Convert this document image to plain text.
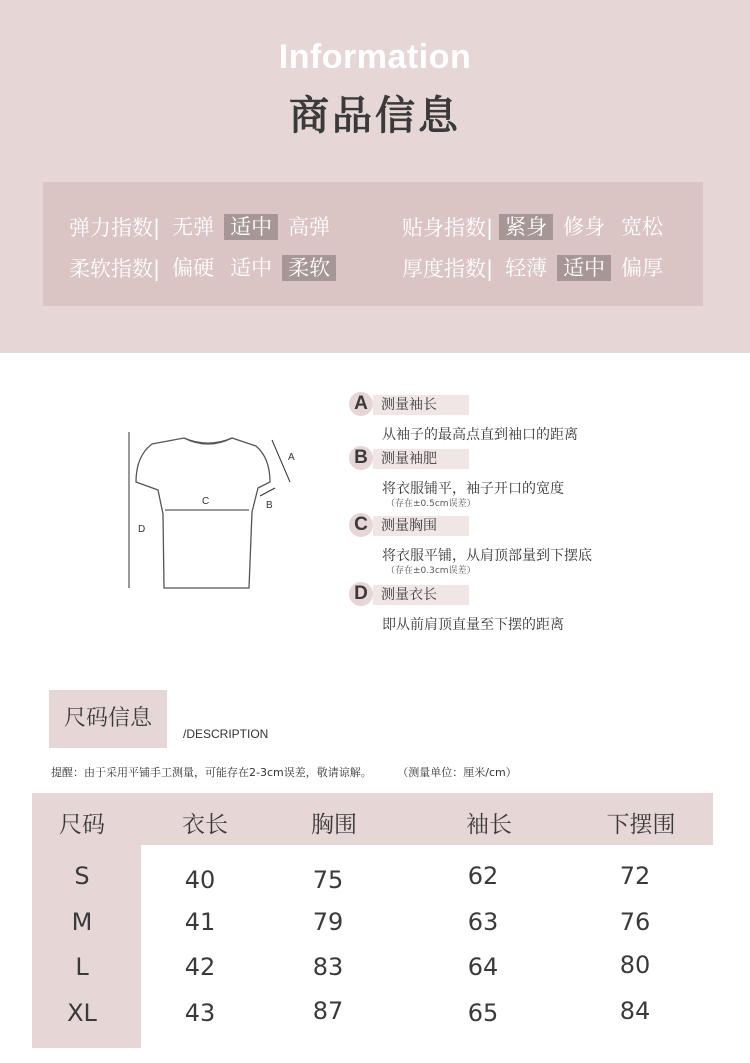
Information
商品信息
弹力指数| 无弹 适中 高弹	贴身指数| 紧身 修身 宽松
柔软指数| 偏硬 适中 柔软	厚度指数| 轻薄 适中 偏厚
A
B
C
D
A 测量袖长
从袖子的最高点直到袖口的距离
B 测量袖肥
将衣服铺平，袖子开口的宽度
（存在±0.5cm误差）
C 测量胸围
将衣服平铺，从肩顶部量到下摆底
（存在±0.3cm误差）
D 测量衣长
即从前肩顶直量至下摆的距离
尺码信息
/DESCRIPTION
提醒：由于采用平铺手工测量，可能存在2-3cm误差，敬请谅解。 （测量单位：厘米/cm）
尺码	衣长	胸围	袖长	下摆围
S	40	75	62	72
M	41	79	63	76
L	42	83	64	80
XL	43	87	65	84
